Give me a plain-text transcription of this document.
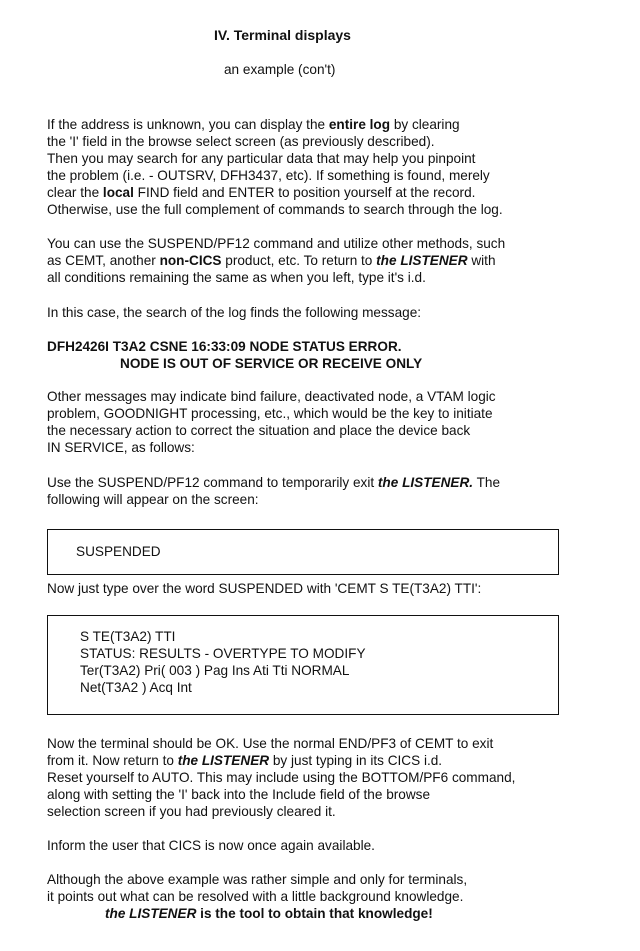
IV. Terminal displays
an example (con't)
If the address is unknown, you can display the entire log by clearing
the 'I' field in the browse select screen (as previously described).
Then you may search for any particular data that may help you pinpoint
the problem (i.e. - OUTSRV, DFH3437, etc). If something is found, merely
clear the local FIND field and ENTER to position yourself at the record.
Otherwise, use the full complement of commands to search through the log.
You can use the SUSPEND/PF12 command and utilize other methods, such
as CEMT, another non-CICS product, etc. To return to the LISTENER with
all conditions remaining the same as when you left, type it's i.d.
In this case, the search of the log finds the following message:
DFH2426I T3A2 CSNE 16:33:09 NODE STATUS ERROR.
NODE IS OUT OF SERVICE OR RECEIVE ONLY
Other messages may indicate bind failure, deactivated node, a VTAM logic
problem, GOODNIGHT processing, etc., which would be the key to initiate
the necessary action to correct the situation and place the device back
IN SERVICE, as follows:
Use the SUSPEND/PF12 command to temporarily exit the LISTENER. The
following will appear on the screen:
SUSPENDED
Now just type over the word SUSPENDED with 'CEMT S TE(T3A2) TTI':
S TE(T3A2) TTI
STATUS: RESULTS - OVERTYPE TO MODIFY
Ter(T3A2) Pri( 003 ) Pag Ins Ati Tti NORMAL
Net(T3A2 ) Acq Int
Now the terminal should be OK. Use the normal END/PF3 of CEMT to exit
from it. Now return to the LISTENER by just typing in its CICS i.d.
Reset yourself to AUTO. This may include using the BOTTOM/PF6 command,
along with setting the 'I' back into the Include field of the browse
selection screen if you had previously cleared it.
Inform the user that CICS is now once again available.
Although the above example was rather simple and only for terminals,
it points out what can be resolved with a little background knowledge.
the LISTENER is the tool to obtain that knowledge!
